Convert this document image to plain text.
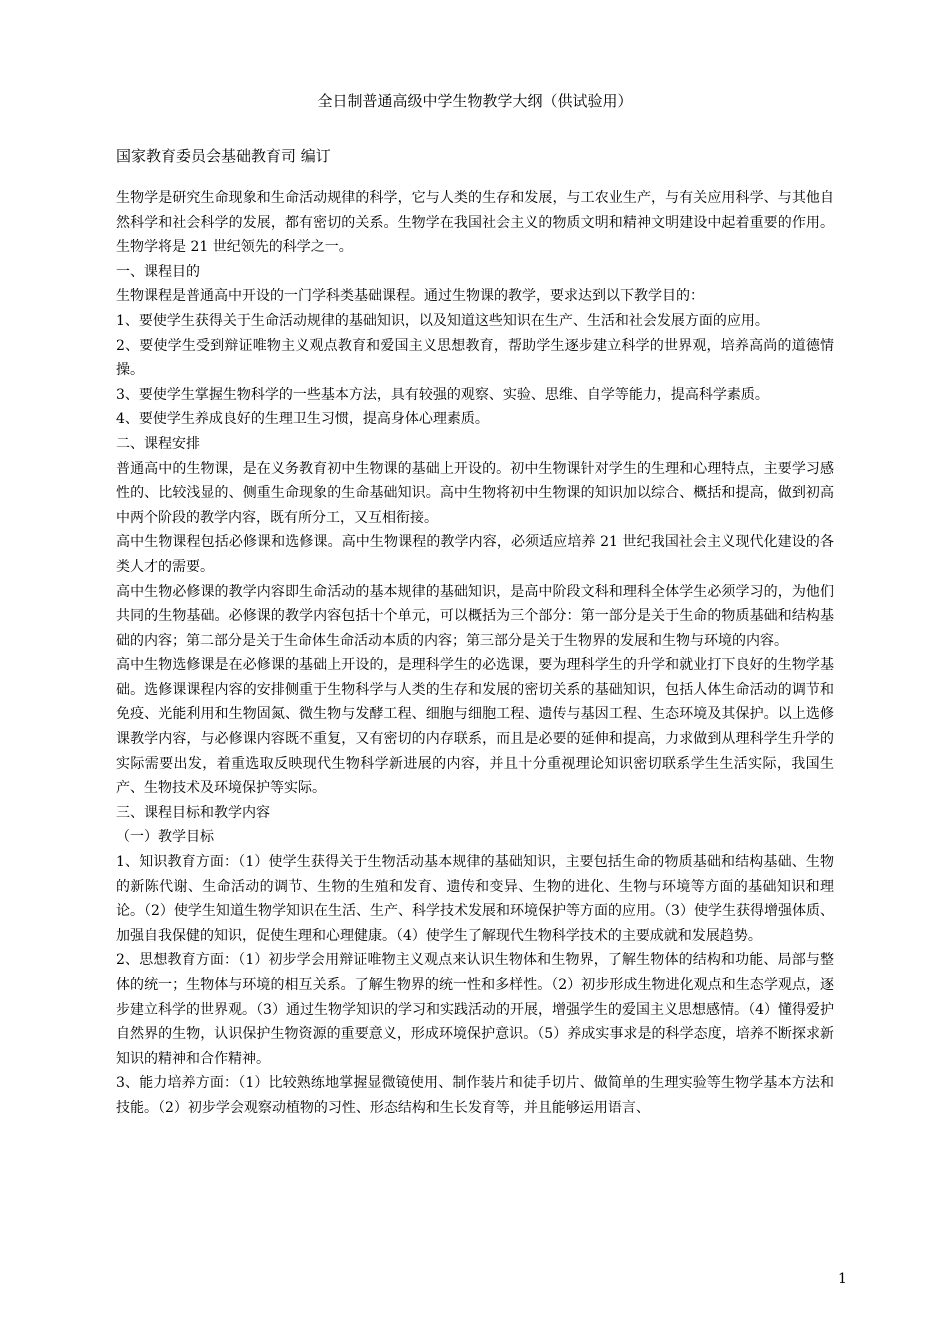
全日制普通高级中学生物教学大纲（供试验用）

国家教育委员会基础教育司 编订

生物学是研究生命现象和生命活动规律的科学，它与人类的生存和发展，与工农业生产，与有关应用科学、与其他自然科学和社会科学的发展，都有密切的关系。生物学在我国社会主义的物质文明和精神文明建设中起着重要的作用。生物学将是 21 世纪领先的科学之一。

一、课程目的

生物课程是普通高中开设的一门学科类基础课程。通过生物课的教学，要求达到以下教学目的：

1、要使学生获得关于生命活动规律的基础知识，以及知道这些知识在生产、生活和社会发展方面的应用。

2、要使学生受到辩证唯物主义观点教育和爱国主义思想教育，帮助学生逐步建立科学的世界观，培养高尚的道德情操。

3、要使学生掌握生物科学的一些基本方法，具有较强的观察、实验、思维、自学等能力，提高科学素质。

4、要使学生养成良好的生理卫生习惯，提高身体心理素质。

二、课程安排

普通高中的生物课，是在义务教育初中生物课的基础上开设的。初中生物课针对学生的生理和心理特点，主要学习感性的、比较浅显的、侧重生命现象的生命基础知识。高中生物将初中生物课的知识加以综合、概括和提高，做到初高中两个阶段的教学内容，既有所分工，又互相衔接。

高中生物课程包括必修课和选修课。高中生物课程的教学内容，必须适应培养 21 世纪我国社会主义现代化建设的各类人才的需要。

高中生物必修课的教学内容即生命活动的基本规律的基础知识，是高中阶段文科和理科全体学生必须学习的，为他们共同的生物基础。必修课的教学内容包括十个单元，可以概括为三个部分：第一部分是关于生命的物质基础和结构基础的内容；第二部分是关于生命体生命活动本质的内容；第三部分是关于生物界的发展和生物与环境的内容。

高中生物选修课是在必修课的基础上开设的，是理科学生的必选课，要为理科学生的升学和就业打下良好的生物学基础。选修课课程内容的安排侧重于生物科学与人类的生存和发展的密切关系的基础知识，包括人体生命活动的调节和免疫、光能利用和生物固氮、微生物与发酵工程、细胞与细胞工程、遗传与基因工程、生态环境及其保护。以上选修课教学内容，与必修课内容既不重复，又有密切的内存联系，而且是必要的延伸和提高，力求做到从理科学生升学的实际需要出发，着重选取反映现代生物科学新进展的内容，并且十分重视理论知识密切联系学生生活实际，我国生产、生物技术及环境保护等实际。

三、课程目标和教学内容

（一）教学目标

1、知识教育方面：（1）使学生获得关于生物活动基本规律的基础知识，主要包括生命的物质基础和结构基础、生物的新陈代谢、生命活动的调节、生物的生殖和发育、遗传和变异、生物的进化、生物与环境等方面的基础知识和理论。（2）使学生知道生物学知识在生活、生产、科学技术发展和环境保护等方面的应用。（3）使学生获得增强体质、加强自我保健的知识，促使生理和心理健康。（4）使学生了解现代生物科学技术的主要成就和发展趋势。

2、思想教育方面：（1）初步学会用辩证唯物主义观点来认识生物体和生物界，了解生物体的结构和功能、局部与整体的统一；生物体与环境的相互关系。了解生物界的统一性和多样性。（2）初步形成生物进化观点和生态学观点，逐步建立科学的世界观。（3）通过生物学知识的学习和实践活动的开展，增强学生的爱国主义思想感情。（4）懂得爱护自然界的生物，认识保护生物资源的重要意义，形成环境保护意识。（5）养成实事求是的科学态度，培养不断探求新知识的精神和合作精神。

3、能力培养方面：（1）比较熟练地掌握显微镜使用、制作装片和徒手切片、做简单的生理实验等生物学基本方法和技能。（2）初步学会观察动植物的习性、形态结构和生长发育等，并且能够运用语言、

1
